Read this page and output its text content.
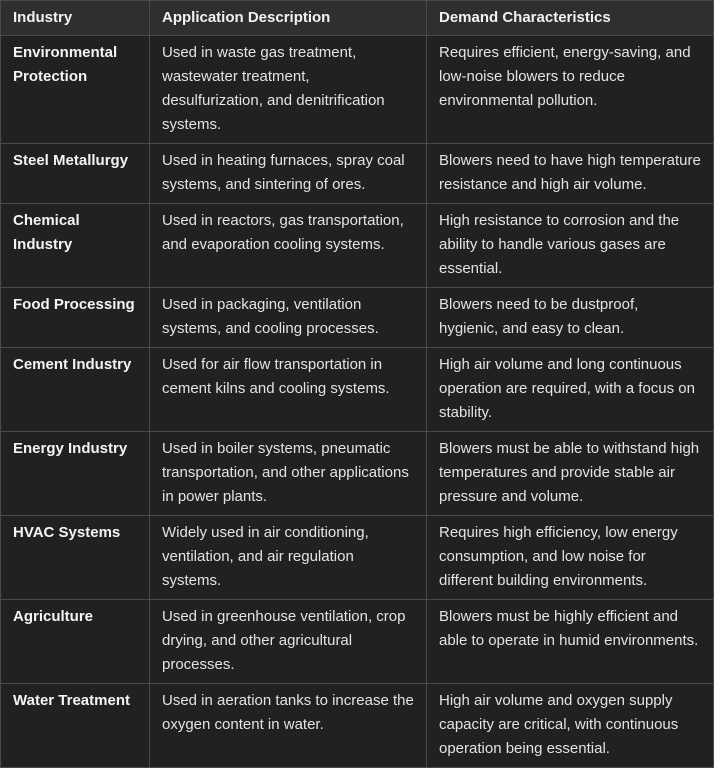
Industry	Application Description	Demand Characteristics
Environmental Protection	Used in waste gas treatment, wastewater treatment, desulfurization, and denitrification systems.	Requires efficient, energy-saving, and low-noise blowers to reduce environmental pollution.
Steel Metallurgy	Used in heating furnaces, spray coal systems, and sintering of ores.	Blowers need to have high temperature resistance and high air volume.
Chemical Industry	Used in reactors, gas transportation, and evaporation cooling systems.	High resistance to corrosion and the ability to handle various gases are essential.
Food Processing	Used in packaging, ventilation systems, and cooling processes.	Blowers need to be dustproof, hygienic, and easy to clean.
Cement Industry	Used for air flow transportation in cement kilns and cooling systems.	High air volume and long continuous operation are required, with a focus on stability.
Energy Industry	Used in boiler systems, pneumatic transportation, and other applications in power plants.	Blowers must be able to withstand high temperatures and provide stable air pressure and volume.
HVAC Systems	Widely used in air conditioning, ventilation, and air regulation systems.	Requires high efficiency, low energy consumption, and low noise for different building environments.
Agriculture	Used in greenhouse ventilation, crop drying, and other agricultural processes.	Blowers must be highly efficient and able to operate in humid environments.
Water Treatment	Used in aeration tanks to increase the oxygen content in water.	High air volume and oxygen supply capacity are critical, with continuous operation being essential.
